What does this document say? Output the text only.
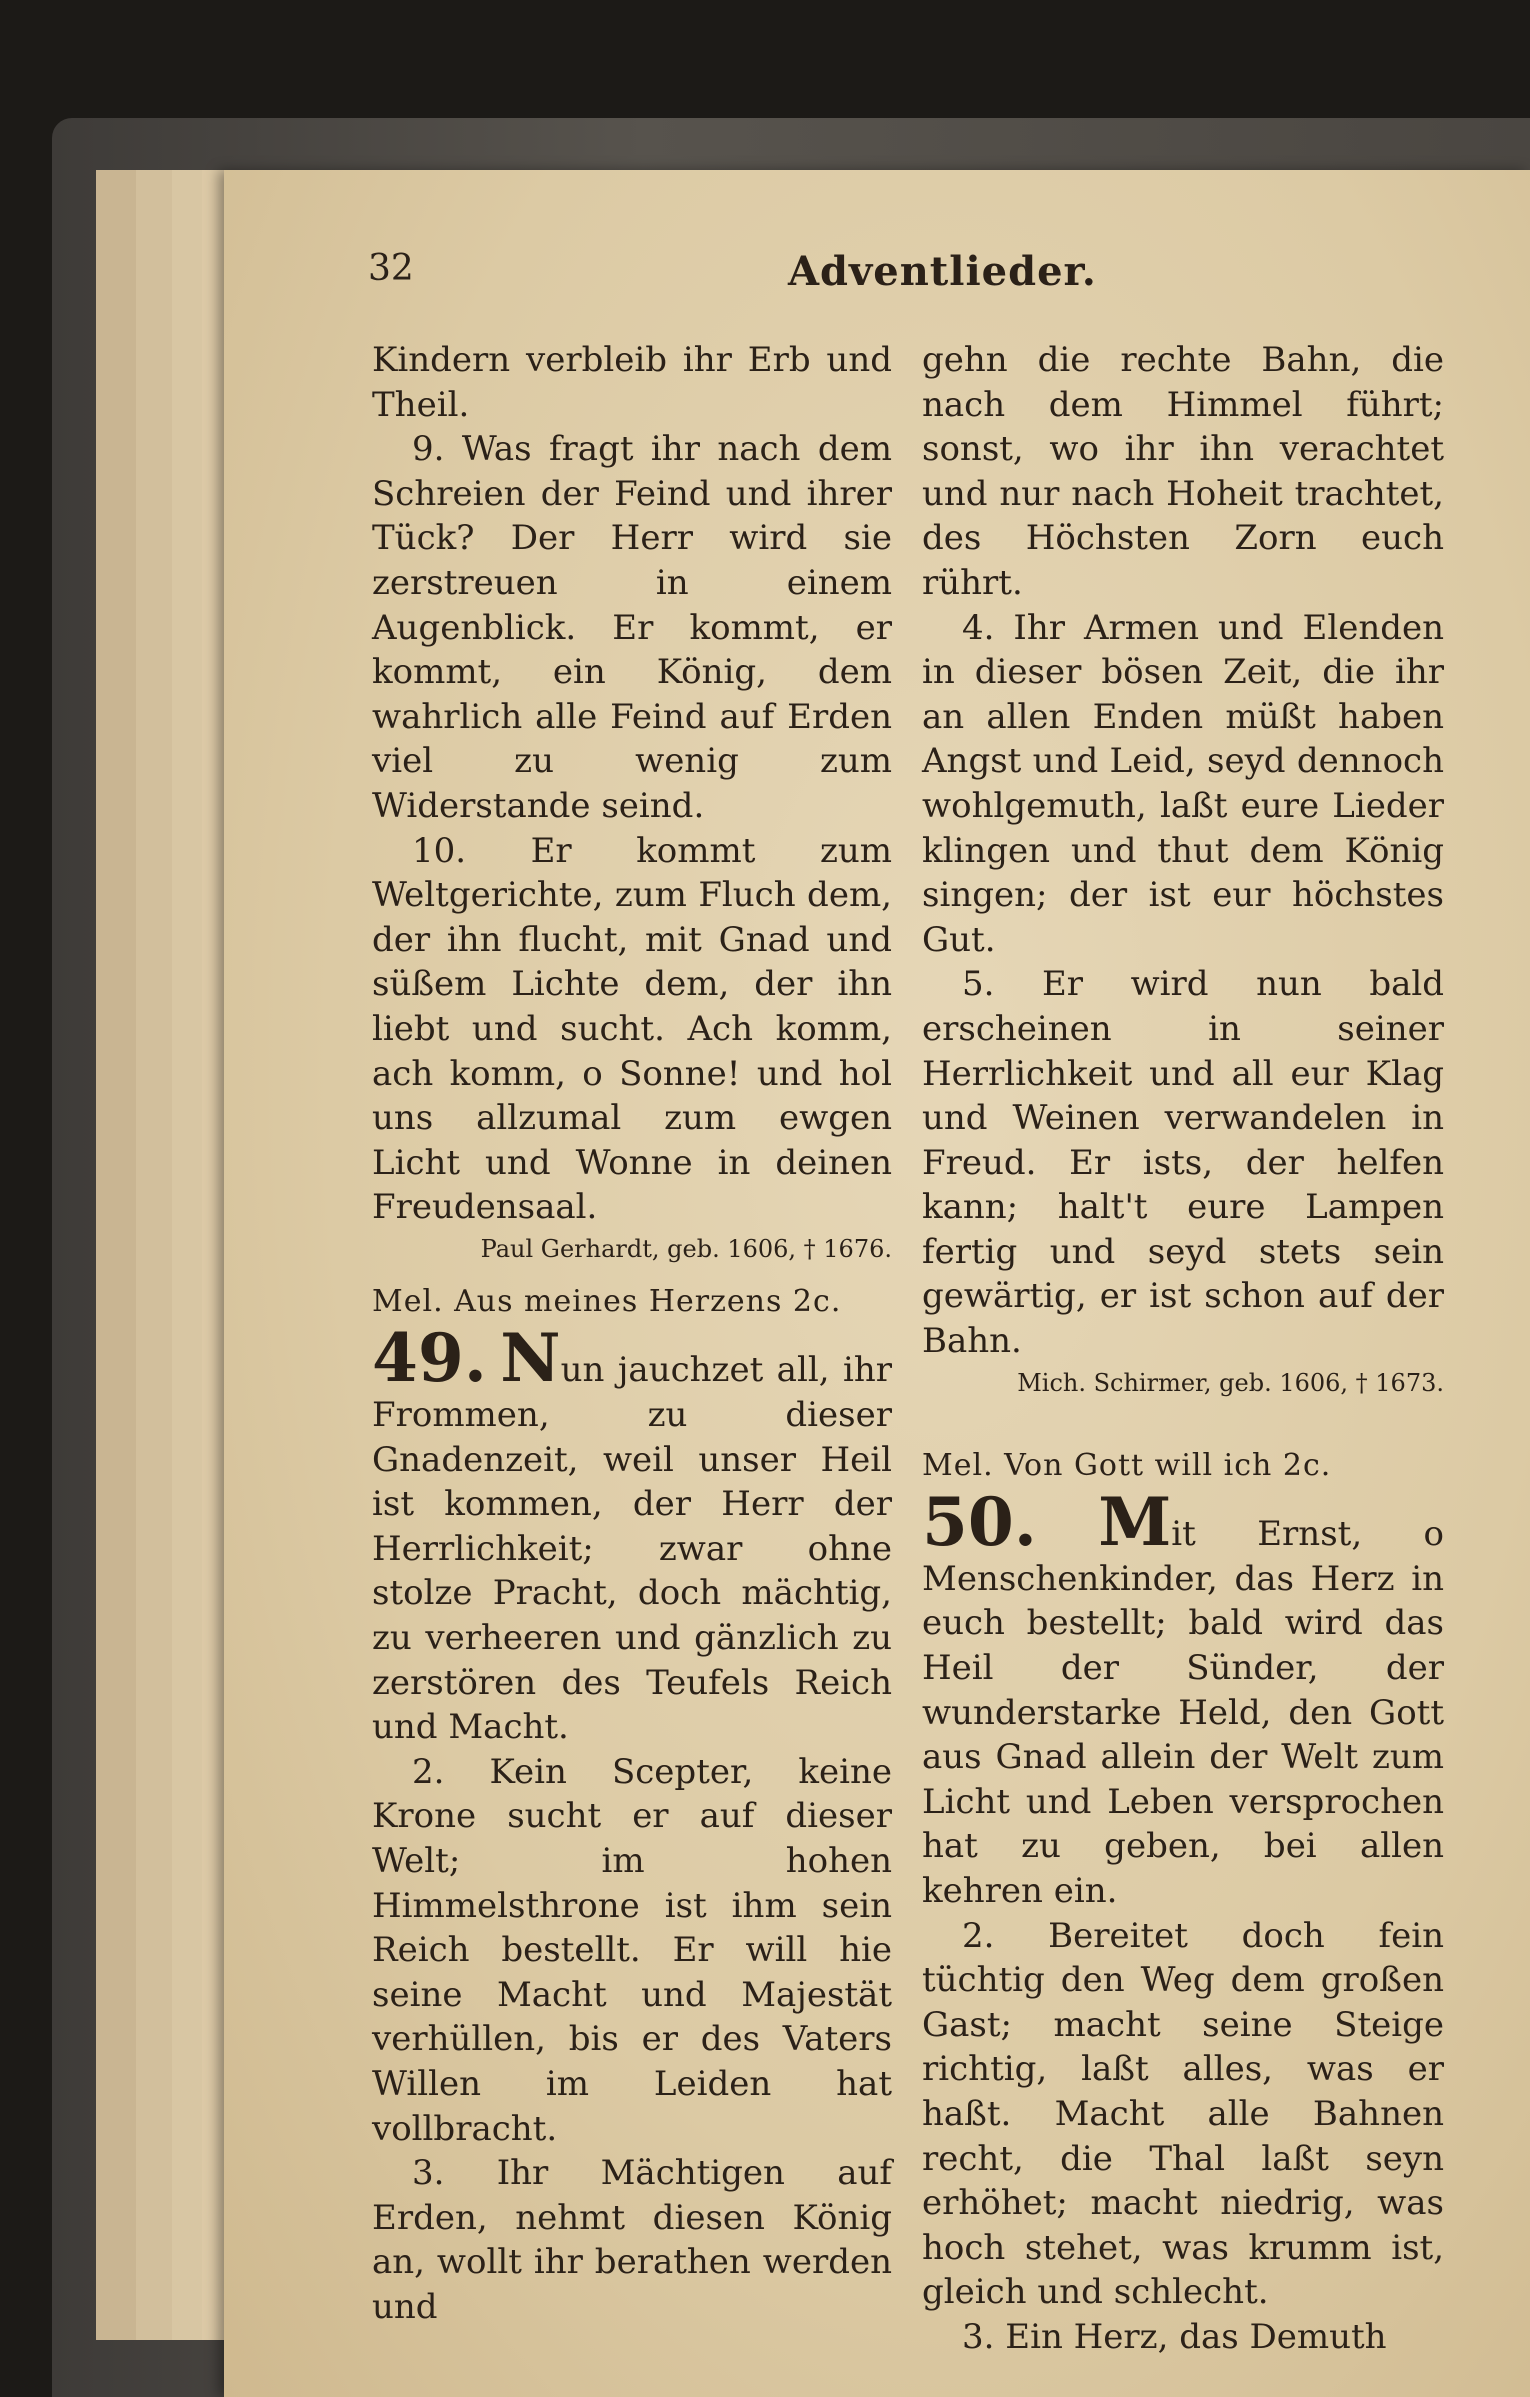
32	Adventlieder.

Kindern verbleib ihr Erb und Theil.

9. Was fragt ihr nach dem Schreien der Feind und ihrer Tück? Der Herr wird sie zerstreuen in einem Augenblick. Er kommt, er kommt, ein König, dem wahrlich alle Feind auf Erden viel zu wenig zum Widerstande seind.

10. Er kommt zum Weltgerichte, zum Fluch dem, der ihn flucht, mit Gnad und süßem Lichte dem, der ihn liebt und sucht. Ach komm, ach komm, o Sonne! und hol uns allzumal zum ewgen Licht und Wonne in deinen Freudensaal.

Paul Gerhardt, geb. 1606, † 1676.

Mel. Aus meines Herzens 2c.

49. Nun jauchzet all, ihr Frommen, zu dieser Gnadenzeit, weil unser Heil ist kommen, der Herr der Herrlichkeit; zwar ohne stolze Pracht, doch mächtig, zu verheeren und gänzlich zu zerstören des Teufels Reich und Macht.

2. Kein Scepter, keine Krone sucht er auf dieser Welt; im hohen Himmelsthrone ist ihm sein Reich bestellt. Er will hie seine Macht und Majestät verhüllen, bis er des Vaters Willen im Leiden hat vollbracht.

3. Ihr Mächtigen auf Erden, nehmt diesen König an, wollt ihr berathen werden und

gehn die rechte Bahn, die nach dem Himmel führt; sonst, wo ihr ihn verachtet und nur nach Hoheit trachtet, des Höchsten Zorn euch rührt.

4. Ihr Armen und Elenden in dieser bösen Zeit, die ihr an allen Enden müßt haben Angst und Leid, seyd dennoch wohlgemuth, laßt eure Lieder klingen und thut dem König singen; der ist eur höchstes Gut.

5. Er wird nun bald erscheinen in seiner Herrlichkeit und all eur Klag und Weinen verwandelen in Freud. Er ists, der helfen kann; halt't eure Lampen fertig und seyd stets sein gewärtig, er ist schon auf der Bahn.

Mich. Schirmer, geb. 1606, † 1673.

Mel. Von Gott will ich 2c.

50. Mit Ernst, o Menschenkinder, das Herz in euch bestellt; bald wird das Heil der Sünder, der wunderstarke Held, den Gott aus Gnad allein der Welt zum Licht und Leben versprochen hat zu geben, bei allen kehren ein.

2. Bereitet doch fein tüchtig den Weg dem großen Gast; macht seine Steige richtig, laßt alles, was er haßt. Macht alle Bahnen recht, die Thal laßt seyn erhöhet; macht niedrig, was hoch stehet, was krumm ist, gleich und schlecht.

3. Ein Herz, das Demuth
